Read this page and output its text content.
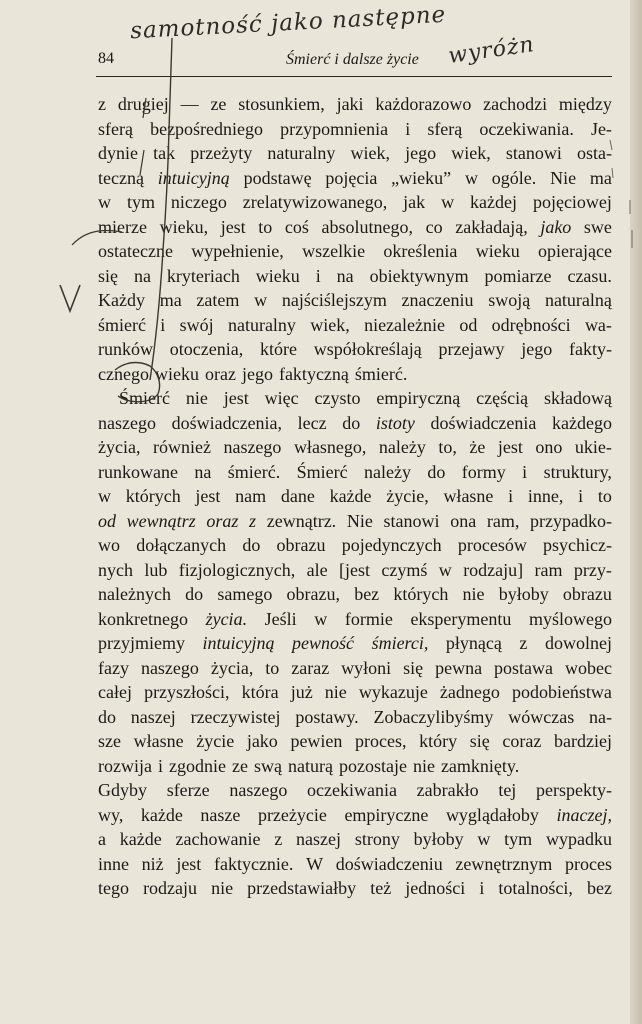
samotność jako następne
wyróżn
84	Śmierć i dalsze życie
z drugiej — ze stosunkiem, jaki każdorazowo zachodzi między
sferą bezpośredniego przypomnienia i sferą oczekiwania. Je-
dynie tak przeżyty naturalny wiek, jego wiek, stanowi osta-
teczną intuicyjną podstawę pojęcia „wieku” w ogóle. Nie ma
w tym niczego zrelatywizowanego, jak w każdej pojęciowej
mierze wieku, jest to coś absolutnego, co zakładają, jako swe
ostateczne wypełnienie, wszelkie określenia wieku opierające
się na kryteriach wieku i na obiektywnym pomiarze czasu.
Każdy ma zatem w najściślejszym znaczeniu swoją naturalną
śmierć i swój naturalny wiek, niezależnie od odrębności wa-
runków otoczenia, które współokreślają przejawy jego fakty-
cznego wieku oraz jego faktyczną śmierć.
Śmierć nie jest więc czysto empiryczną częścią składową
naszego doświadczenia, lecz do istoty doświadczenia każdego
życia, również naszego własnego, należy to, że jest ono ukie-
runkowane na śmierć. Śmierć należy do formy i struktury,
w których jest nam dane każde życie, własne i inne, i to
od wewnątrz oraz z zewnątrz. Nie stanowi ona ram, przypadko-
wo dołączanych do obrazu pojedynczych procesów psychicz-
nych lub fizjologicznych, ale [jest czymś w rodzaju] ram przy-
należnych do samego obrazu, bez których nie byłoby obrazu
konkretnego życia. Jeśli w formie eksperymentu myślowego
przyjmiemy intuicyjną pewność śmierci, płynącą z dowolnej
fazy naszego życia, to zaraz wyłoni się pewna postawa wobec
całej przyszłości, która już nie wykazuje żadnego podobieństwa
do naszej rzeczywistej postawy. Zobaczylibyśmy wówczas na-
sze własne życie jako pewien proces, który się coraz bardziej
rozwija i zgodnie ze swą naturą pozostaje nie zamknięty.
Gdyby sferze naszego oczekiwania zabrakło tej perspekty-
wy, każde nasze przeżycie empiryczne wyglądałoby inaczej,
a każde zachowanie z naszej strony byłoby w tym wypadku
inne niż jest faktycznie. W doświadczeniu zewnętrznym proces
tego rodzaju nie przedstawiałby też jedności i totalności, bez
